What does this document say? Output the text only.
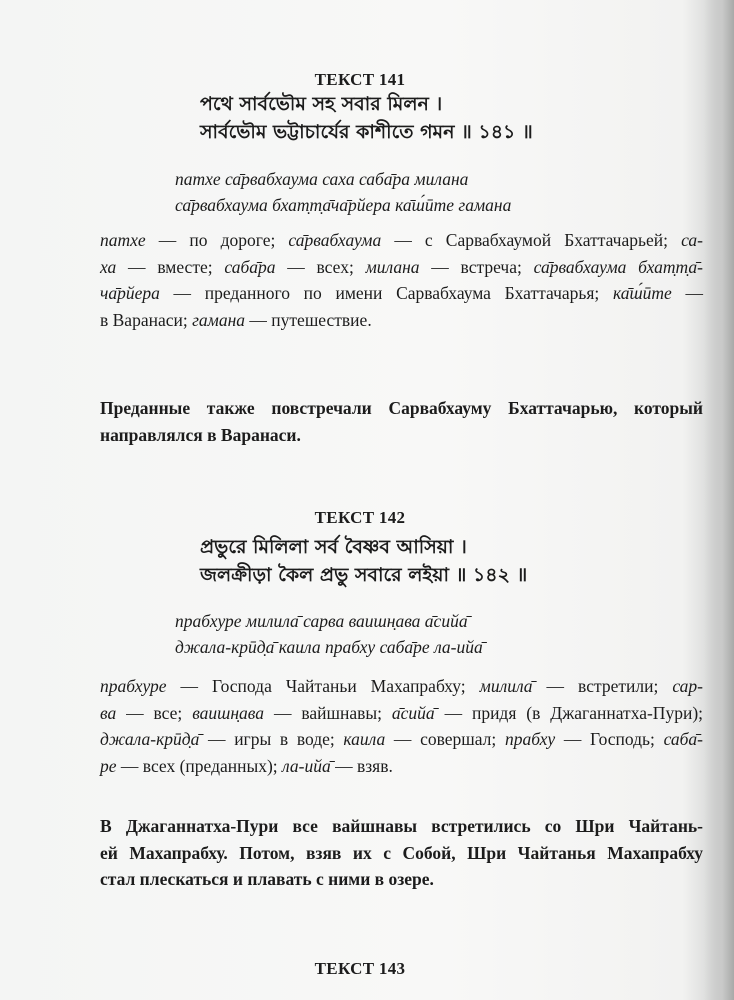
ТЕКСТ 141
পথে সার্বভৌম সহ সবার মিলন ।
সার্বভৌম ভট্টাচার্যের কাশীতে গমন ॥ ১৪১ ॥
патхе са̄рвабхаума саха саба̄ра милана
са̄рвабхаума бхат̣т̣а̄ча̄рйера ка̄ш́ӣте гамана
патхе — по дороге; са̄рвабхаума — с Сарвабхаумой Бхаттачарьей; са-
ха — вместе; саба̄ра — всех; милана — встреча; са̄рвабхаума бхат̣т̣а̄-
ча̄рйера — преданного по имени Сарвабхаума Бхаттачарья; ка̄ш́ӣте —
в Варанаси; гамана — путешествие.
Преданные также повстречали Сарвабхауму Бхаттачарью, который
направлялся в Варанаси.
ТЕКСТ 142
প্রভুরে মিলিলা সর্ব বৈষ্ণব আসিয়া ।
জলক্রীড়া কৈল প্রভু সবারে লইয়া ॥ ১৪২ ॥
прабхуре милила̄ сарва ваишн̣ава а̄сийа̄
джала-крӣд̣а̄ каила прабху саба̄ре ла-ийа̄
прабхуре — Господа Чайтаньи Махапрабху; милила̄ — встретили; сар-
ва — все; ваишн̣ава — вайшнавы; а̄сийа̄ — придя (в Джаганнатха-Пури);
джала-крӣд̣а̄ — игры в воде; каила — совершал; прабху — Господь; саба̄-
ре — всех (преданных); ла-ийа̄ — взяв.
В Джаганнатха-Пури все вайшнавы встретились со Шри Чайтань-
ей Махапрабху. Потом, взяв их с Собой, Шри Чайтанья Махапрабху
стал плескаться и плавать с ними в озере.
ТЕКСТ 143
